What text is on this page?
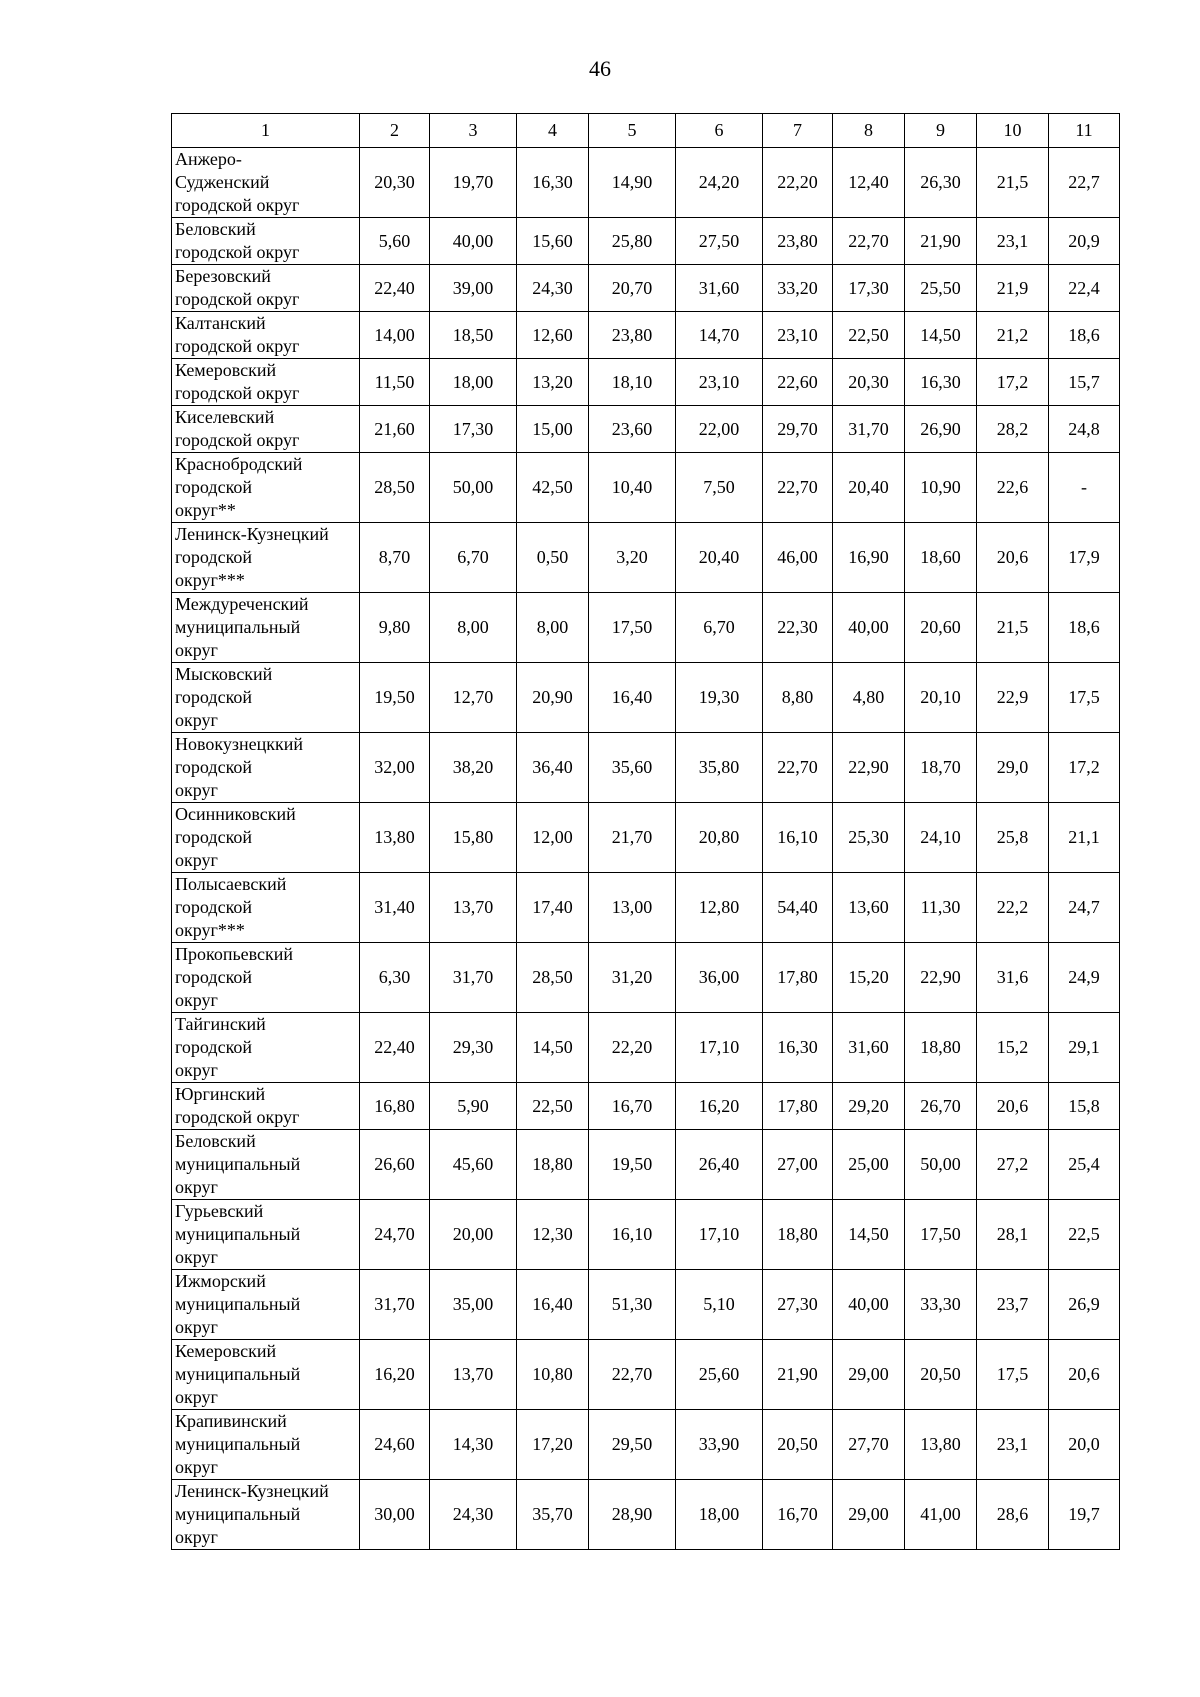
46
1	2	3	4	5	6	7	8	9	10	11

Анжеро-
Судженский
городской округ	20,30	19,70	16,30	14,90	24,20	22,20	12,40	26,30	21,5	22,7

Беловский
городской округ	5,60	40,00	15,60	25,80	27,50	23,80	22,70	21,90	23,1	20,9

Березовский
городской округ	22,40	39,00	24,30	20,70	31,60	33,20	17,30	25,50	21,9	22,4

Калтанский
городской округ	14,00	18,50	12,60	23,80	14,70	23,10	22,50	14,50	21,2	18,6

Кемеровский
городской округ	11,50	18,00	13,20	18,10	23,10	22,60	20,30	16,30	17,2	15,7

Киселевский
городской округ	21,60	17,30	15,00	23,60	22,00	29,70	31,70	26,90	28,2	24,8

Краснобродский
городской
округ**	28,50	50,00	42,50	10,40	7,50	22,70	20,40	10,90	22,6	-

Ленинск-Кузнецкий
городской
округ***	8,70	6,70	0,50	3,20	20,40	46,00	16,90	18,60	20,6	17,9

Междуреченский
муниципальный
округ	9,80	8,00	8,00	17,50	6,70	22,30	40,00	20,60	21,5	18,6

Мысковский
городской
округ	19,50	12,70	20,90	16,40	19,30	8,80	4,80	20,10	22,9	17,5

Новокузнецккий
городской
округ	32,00	38,20	36,40	35,60	35,80	22,70	22,90	18,70	29,0	17,2

Осинниковский
городской
округ	13,80	15,80	12,00	21,70	20,80	16,10	25,30	24,10	25,8	21,1

Полысаевский
городской
округ***	31,40	13,70	17,40	13,00	12,80	54,40	13,60	11,30	22,2	24,7

Прокопьевский
городской
округ	6,30	31,70	28,50	31,20	36,00	17,80	15,20	22,90	31,6	24,9

Тайгинский
городской
округ	22,40	29,30	14,50	22,20	17,10	16,30	31,60	18,80	15,2	29,1

Юргинский
городской округ	16,80	5,90	22,50	16,70	16,20	17,80	29,20	26,70	20,6	15,8

Беловский
муниципальный
округ	26,60	45,60	18,80	19,50	26,40	27,00	25,00	50,00	27,2	25,4

Гурьевский
муниципальный
округ	24,70	20,00	12,30	16,10	17,10	18,80	14,50	17,50	28,1	22,5

Ижморский
муниципальный
округ	31,70	35,00	16,40	51,30	5,10	27,30	40,00	33,30	23,7	26,9

Кемеровский
муниципальный
округ	16,20	13,70	10,80	22,70	25,60	21,90	29,00	20,50	17,5	20,6

Крапивинский
муниципальный
округ	24,60	14,30	17,20	29,50	33,90	20,50	27,70	13,80	23,1	20,0

Ленинск-Кузнецкий
муниципальный
округ	30,00	24,30	35,70	28,90	18,00	16,70	29,00	41,00	28,6	19,7
